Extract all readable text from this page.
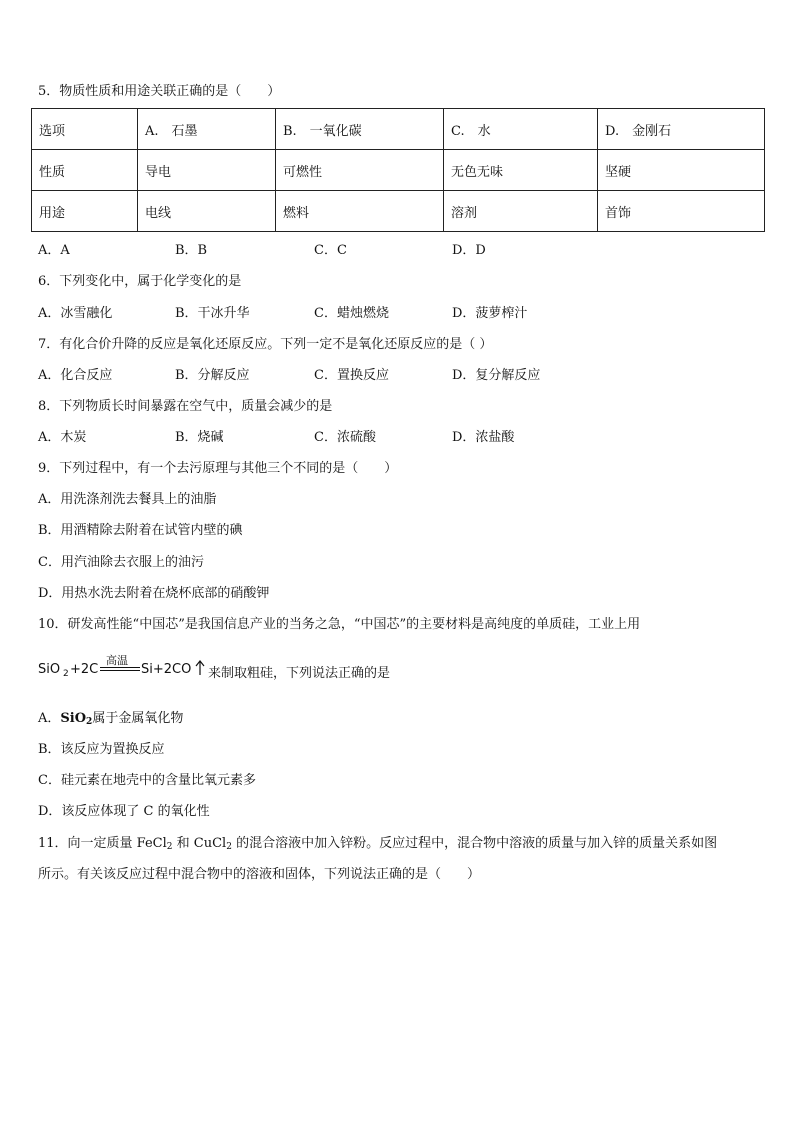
5．物质性质和用途关联正确的是（　　）
选项	A.　石墨	B.　一氧化碳	C.　水	D.　金刚石
性质	导电	可燃性	无色无味	坚硬
用途	电线	燃料	溶剂	首饰
A．A	B．B	C．C	D．D
6．下列变化中，属于化学变化的是
A．冰雪融化	B．干冰升华	C．蜡烛燃烧	D．菠萝榨汁
7．有化合价升降的反应是氧化还原反应。下列一定不是氧化还原反应的是（ ）
A．化合反应	B．分解反应	C．置换反应	D．复分解反应
8．下列物质长时间暴露在空气中，质量会减少的是
A．木炭	B．烧碱	C．浓硫酸	D．浓盐酸
9．下列过程中，有一个去污原理与其他三个不同的是（　　）
A．用洗涤剂洗去餐具上的油脂
B．用酒精除去附着在试管内壁的碘
C．用汽油除去衣服上的油污
D．用热水洗去附着在烧杯底部的硝酸钾
10．研发高性能“中国芯”是我国信息产业的当务之急，“中国芯”的主要材料是高纯度的单质硅，工业上用
SiO 2 +2C
高温
Si+2CO 来制取粗硅，下列说法正确的是
A．SiO2属于金属氧化物
B．该反应为置换反应
C．硅元素在地壳中的含量比氧元素多
D．该反应体现了 C 的氧化性
11．向一定质量 FeCl2 和 CuCl2 的混合溶液中加入锌粉。反应过程中，混合物中溶液的质量与加入锌的质量关系如图
所示。有关该反应过程中混合物中的溶液和固体，下列说法正确的是（　　）
